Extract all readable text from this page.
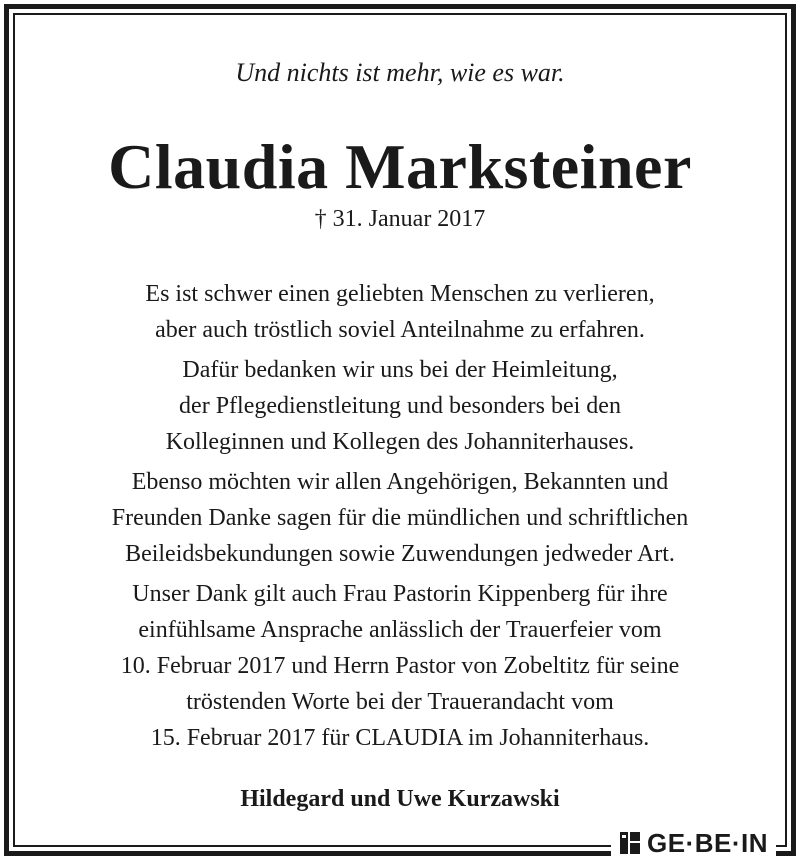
Und nichts ist mehr, wie es war.
Claudia Marksteiner
† 31. Januar 2017

Es ist schwer einen geliebten Menschen zu verlieren,
aber auch tröstlich soviel Anteilnahme zu erfahren.

Dafür bedanken wir uns bei der Heimleitung,
der Pflegedienstleitung und besonders bei den
Kolleginnen und Kollegen des Johanniterhauses.

Ebenso möchten wir allen Angehörigen, Bekannten und
Freunden Danke sagen für die mündlichen und schriftlichen
Beileidsbekundungen sowie Zuwendungen jedweder Art.

Unser Dank gilt auch Frau Pastorin Kippenberg für ihre
einfühlsame Ansprache anlässlich der Trauerfeier vom
10. Februar 2017 und Herrn Pastor von Zobeltitz für seine
tröstenden Worte bei der Trauerandacht vom
15. Februar 2017 für CLAUDIA im Johanniterhaus.

Hildegard und Uwe Kurzawski
GE·BE·IN
